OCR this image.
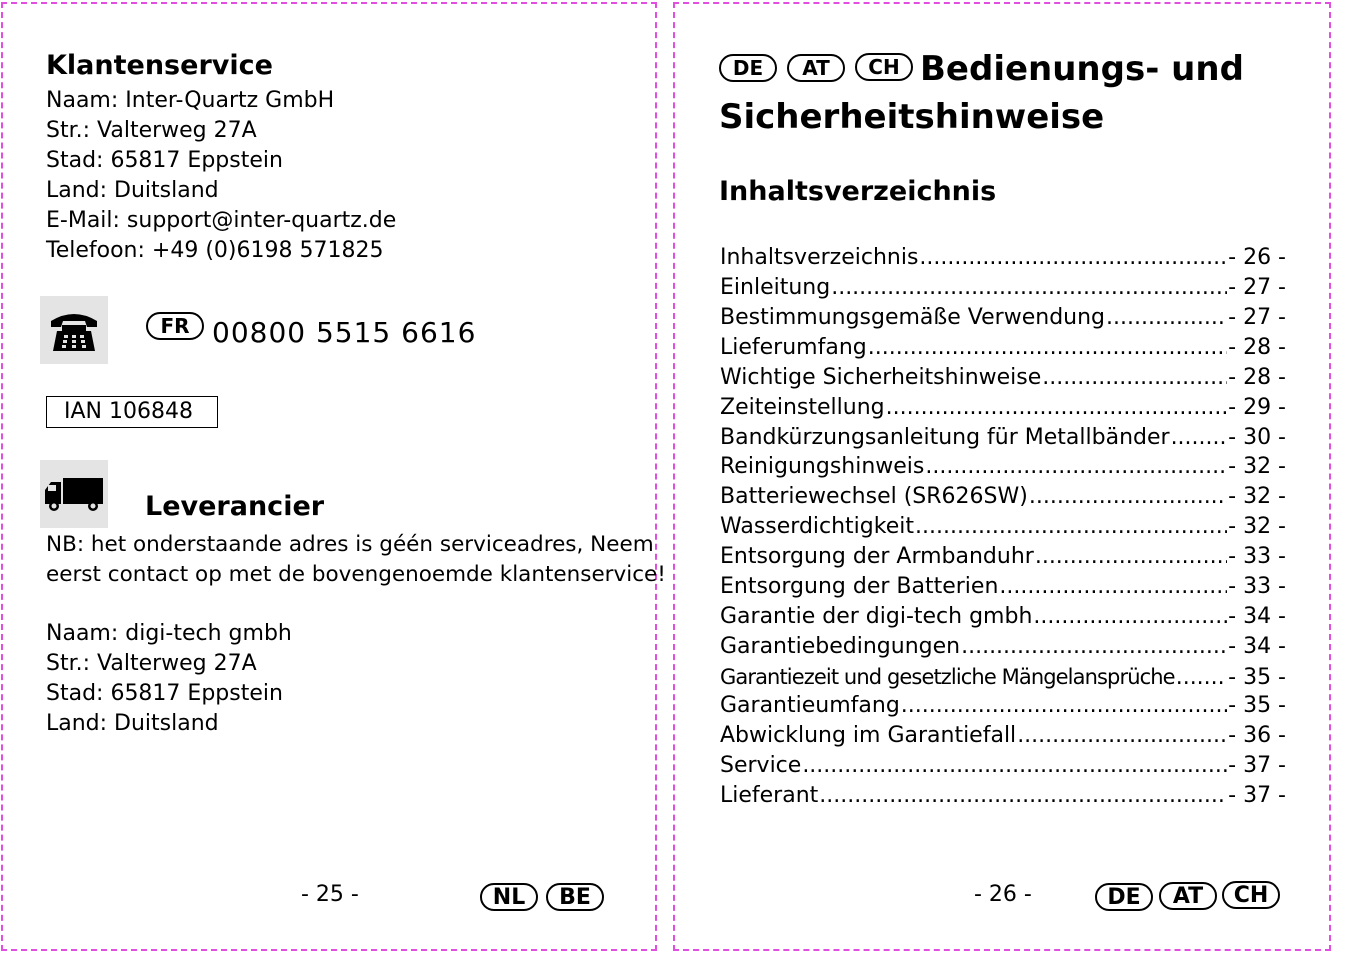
Klantenservice
Naam: Inter-Quartz GmbH
Str.: Valterweg 27A
Stad: 65817 Eppstein
Land: Duitsland
E-Mail: support@inter-quartz.de
Telefoon: +49 (0)6198 571825
FR 00800 5515 6616
IAN 106848
Leverancier
NB: het onderstaande adres is géén serviceadres, Neem
eerst contact op met de bovengenoemde klantenservice!
Naam: digi-tech gmbh
Str.: Valterweg 27A
Stad: 65817 Eppstein
Land: Duitsland
- 25 -	NL	BE
DE	AT	CH Bedienungs- und
Sicherheitshinweise
Inhaltsverzeichnis
Inhaltsverzeichnis .....	- 26 -
Einleitung .....	- 27 -
Bestimmungsgemäße Verwendung .....	- 27 -
Lieferumfang .....	- 28 -
Wichtige Sicherheitshinweise .....	- 28 -
Zeiteinstellung .....	- 29 -
Bandkürzungsanleitung für Metallbänder .....	- 30 -
Reinigungshinweis .....	- 32 -
Batteriewechsel (SR626SW) .....	- 32 -
Wasserdichtigkeit .....	- 32 -
Entsorgung der Armbanduhr .....	- 33 -
Entsorgung der Batterien .....	- 33 -
Garantie der digi-tech gmbh .....	- 34 -
Garantiebedingungen .....	- 34 -
Garantiezeit und gesetzliche Mängelansprüche ..... - 35 -
Garantieumfang .....	- 35 -
Abwicklung im Garantiefall .....	- 36 -
Service .....	- 37 -
Lieferant .....	- 37 -
- 26 -	DE	AT	CH
